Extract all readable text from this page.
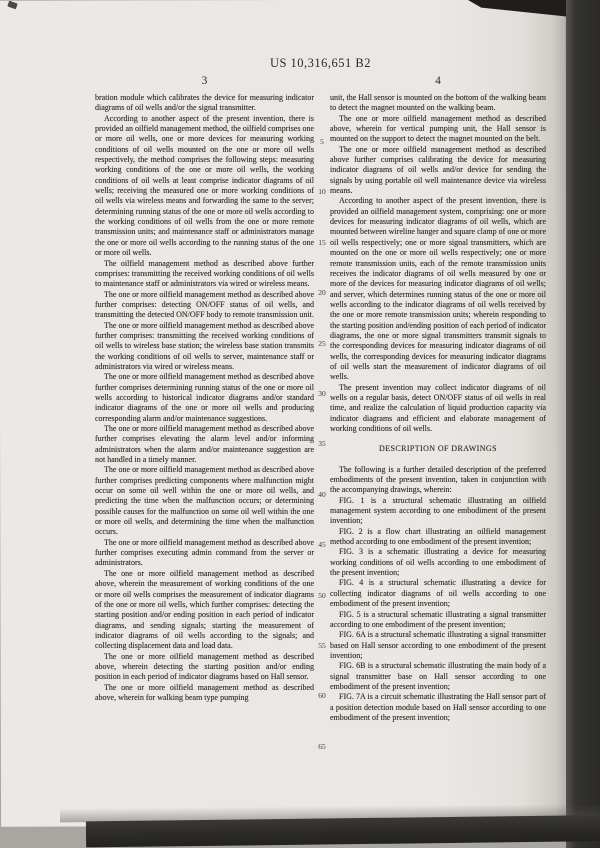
US 10,316,651 B2
3	4

bration module which calibrates the device for measuring indicator diagrams of oil wells and/or the signal transmitter.

According to another aspect of the present invention, there is provided an oilfield management method, the oilfield comprises one or more oil wells, one or more devices for measuring working conditions of oil wells mounted on the one or more oil wells respectively, the method comprises the following steps: measuring working conditions of the one or more oil wells, the working conditions of oil wells at least comprise indicator diagrams of oil wells; receiving the measured one or more working conditions of oil wells via wireless means and forwarding the same to the server; determining running status of the one or more oil wells according to the working conditions of oil wells from the one or more remote transmission units; and maintenance staff or administrators manage the one or more oil wells according to the running status of the one or more oil wells.

The oilfield management method as described above further comprises: transmitting the received working conditions of oil wells to maintenance staff or administrators via wired or wireless means.

The one or more oilfield management method as described above further comprises: detecting ON/OFF status of oil wells, and transmitting the detected ON/OFF body to remote transmission unit.

The one or more oilfield management method as described above further comprises: transmitting the received working conditions of oil wells to wireless base station; the wireless base station transmits the working conditions of oil wells to server, maintenance staff or administrators via wired or wireless means.

The one or more oilfield management method as described above further comprises determining running status of the one or more oil wells according to historical indicator diagrams and/or standard indicator diagrams of the one or more oil wells and producing corresponding alarm and/or maintenance suggestions.

The one or more oilfield management method as described above further comprises elevating the alarm level and/or informing administrators when the alarm and/or maintenance suggestion are not handled in a timely manner.

The one or more oilfield management method as described above further comprises predicting components where malfunction might occur on some oil well within the one or more oil wells, and predicting the time when the malfunction occurs; or determining possible causes for the malfunction on some oil well within the one or more oil wells, and determining the time when the malfunction occurs.

The one or more oilfield management method as described above further comprises executing admin command from the server or administrators.

The one or more oilfield management method as described above, wherein the measurement of working conditions of the one or more oil wells comprises the measurement of indicator diagrams of the one or more oil wells, which further comprises: detecting the starting position and/or ending position in each period of indicator diagrams, and sending signals; starting the measurement of indicator diagrams of oil wells according to the signals; and collecting displacement data and load data.

The one or more oilfield management method as described above, wherein detecting the starting position and/or ending position in each period of indicator diagrams based on Hall sensor.

The one or more oilfield management method as described above, wherein for walking beam type pumping

unit, the Hall sensor is mounted on the bottom of the walking beam to detect the magnet mounted on the walking beam.

The one or more oilfield management method as described above, wherein for vertical pumping unit, the Hall sensor is mounted on the support to detect the magnet mounted on the belt.

The one or more oilfield management method as described above further comprises calibrating the device for measuring indicator diagrams of oil wells and/or device for sending the signals by using portable oil well maintenance device via wireless means.

According to another aspect of the present invention, there is provided an oilfield management system, comprising: one or more devices for measuring indicator diagrams of oil wells, which are mounted between wireline hanger and square clamp of one or more oil wells respectively; one or more signal transmitters, which are mounted on the one or more oil wells respectively; one or more remote transmission units, each of the remote transmission units receives the indicator diagrams of oil wells measured by one or more of the devices for measuring indicator diagrams of oil wells; and server, which determines running status of the one or more oil wells according to the indicator diagrams of oil wells received by the one or more remote transmission units; wherein responding to the starting position and/ending position of each period of indicator diagrams, the one or more signal transmitters transmit signals to the corresponding devices for measuring indicator diagrams of oil wells, the corresponding devices for measuring indicator diagrams of oil wells start the measurement of indicator diagrams of oil wells.

The present invention may collect indicator diagrams of oil wells on a regular basis, detect ON/OFF status of oil wells in real time, and realize the calculation of liquid production capacity via indicator diagrams and efficient and elaborate management of working conditions of oil wells.

DESCRIPTION OF DRAWINGS

The following is a further detailed description of the preferred embodiments of the present invention, taken in conjunction with the accompanying drawings, wherein:

FIG. 1 is a structural schematic illustrating an oilfield management system according to one embodiment of the present invention;

FIG. 2 is a flow chart illustrating an oilfield management method according to one embodiment of the present invention;

FIG. 3 is a schematic illustrating a device for measuring working conditions of oil wells according to one embodiment of the present invention;

FIG. 4 is a structural schematic illustrating a device for collecting indicator diagrams of oil wells according to one embodiment of the present invention;

FIG. 5 is a structural schematic illustrating a signal transmitter according to one embodiment of the present invention;

FIG. 6A is a structural schematic illustrating a signal transmitter based on Hall sensor according to one embodiment of the present invention;

FIG. 6B is a structural schematic illustrating the main body of a signal transmitter base on Hall sensor according to one embodiment of the present invention;

FIG. 7A is a circuit schematic illustrating the Hall sensor part of a position detection module based on Hall sensor according to one embodiment of the present invention;

5
10
15
20
25
30
35
40
45
50
55
60
65
